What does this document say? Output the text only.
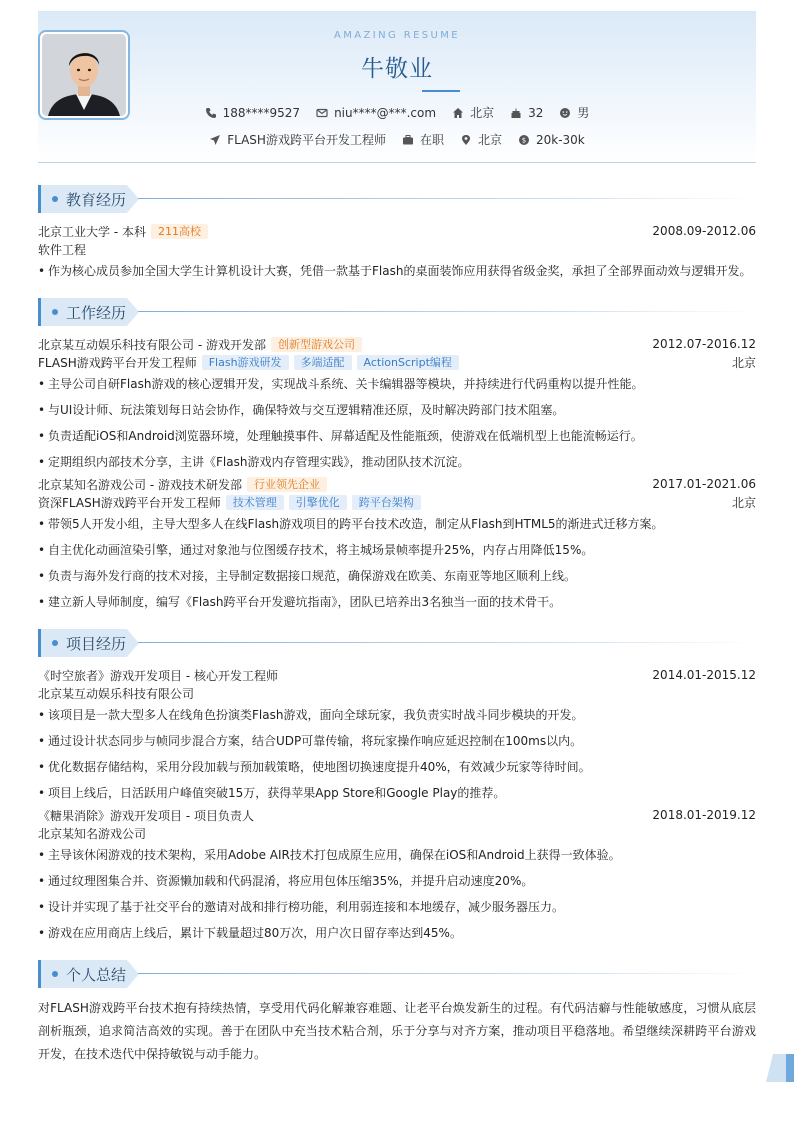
AMAZING RESUME
牛敬业
188****9527	niu****@***.com	北京	32	男
FLASH游戏跨平台开发工程师	在职	北京	$ 20k-30k
教育经历
北京工业大学 - 本科	211高校	2008.09-2012.06
软件工程
• 作为核心成员参加全国大学生计算机设计大赛，凭借一款基于Flash的桌面装饰应用获得省级金奖，承担了全部界面动效与逻辑开发。
工作经历
北京某互动娱乐科技有限公司 - 游戏开发部	创新型游戏公司	2012.07-2016.12
FLASH游戏跨平台开发工程师	Flash游戏研发	多端适配	ActionScript编程	北京
• 主导公司自研Flash游戏的核心逻辑开发，实现战斗系统、关卡编辑器等模块，并持续进行代码重构以提升性能。
• 与UI设计师、玩法策划每日站会协作，确保特效与交互逻辑精准还原，及时解决跨部门技术阻塞。
• 负责适配iOS和Android浏览器环境，处理触摸事件、屏幕适配及性能瓶颈，使游戏在低端机型上也能流畅运行。
• 定期组织内部技术分享，主讲《Flash游戏内存管理实践》，推动团队技术沉淀。
北京某知名游戏公司 - 游戏技术研发部	行业领先企业	2017.01-2021.06
资深FLASH游戏跨平台开发工程师	技术管理	引擎优化	跨平台架构	北京
• 带领5人开发小组，主导大型多人在线Flash游戏项目的跨平台技术改造，制定从Flash到HTML5的渐进式迁移方案。
• 自主优化动画渲染引擎，通过对象池与位图缓存技术，将主城场景帧率提升25%，内存占用降低15%。
• 负责与海外发行商的技术对接，主导制定数据接口规范，确保游戏在欧美、东南亚等地区顺利上线。
• 建立新人导师制度，编写《Flash跨平台开发避坑指南》，团队已培养出3名独当一面的技术骨干。
项目经历
《时空旅者》游戏开发项目 - 核心开发工程师	2014.01-2015.12
北京某互动娱乐科技有限公司
• 该项目是一款大型多人在线角色扮演类Flash游戏，面向全球玩家，我负责实时战斗同步模块的开发。
• 通过设计状态同步与帧同步混合方案，结合UDP可靠传输，将玩家操作响应延迟控制在100ms以内。
• 优化数据存储结构，采用分段加载与预加载策略，使地图切换速度提升40%，有效减少玩家等待时间。
• 项目上线后，日活跃用户峰值突破15万，获得苹果App Store和Google Play的推荐。
《糖果消除》游戏开发项目 - 项目负责人	2018.01-2019.12
北京某知名游戏公司
• 主导该休闲游戏的技术架构，采用Adobe AIR技术打包成原生应用，确保在iOS和Android上获得一致体验。
• 通过纹理图集合并、资源懒加载和代码混淆，将应用包体压缩35%，并提升启动速度20%。
• 设计并实现了基于社交平台的邀请对战和排行榜功能，利用弱连接和本地缓存，减少服务器压力。
• 游戏在应用商店上线后，累计下载量超过80万次，用户次日留存率达到45%。
个人总结
对FLASH游戏跨平台技术抱有持续热情，享受用代码化解兼容难题、让老平台焕发新生的过程。有代码洁癖与性能敏感度，习惯从底层剖析瓶颈，追求简洁高效的实现。善于在团队中充当技术粘合剂，乐于分享与对齐方案，推动项目平稳落地。希望继续深耕跨平台游戏开发，在技术迭代中保持敏锐与动手能力。
